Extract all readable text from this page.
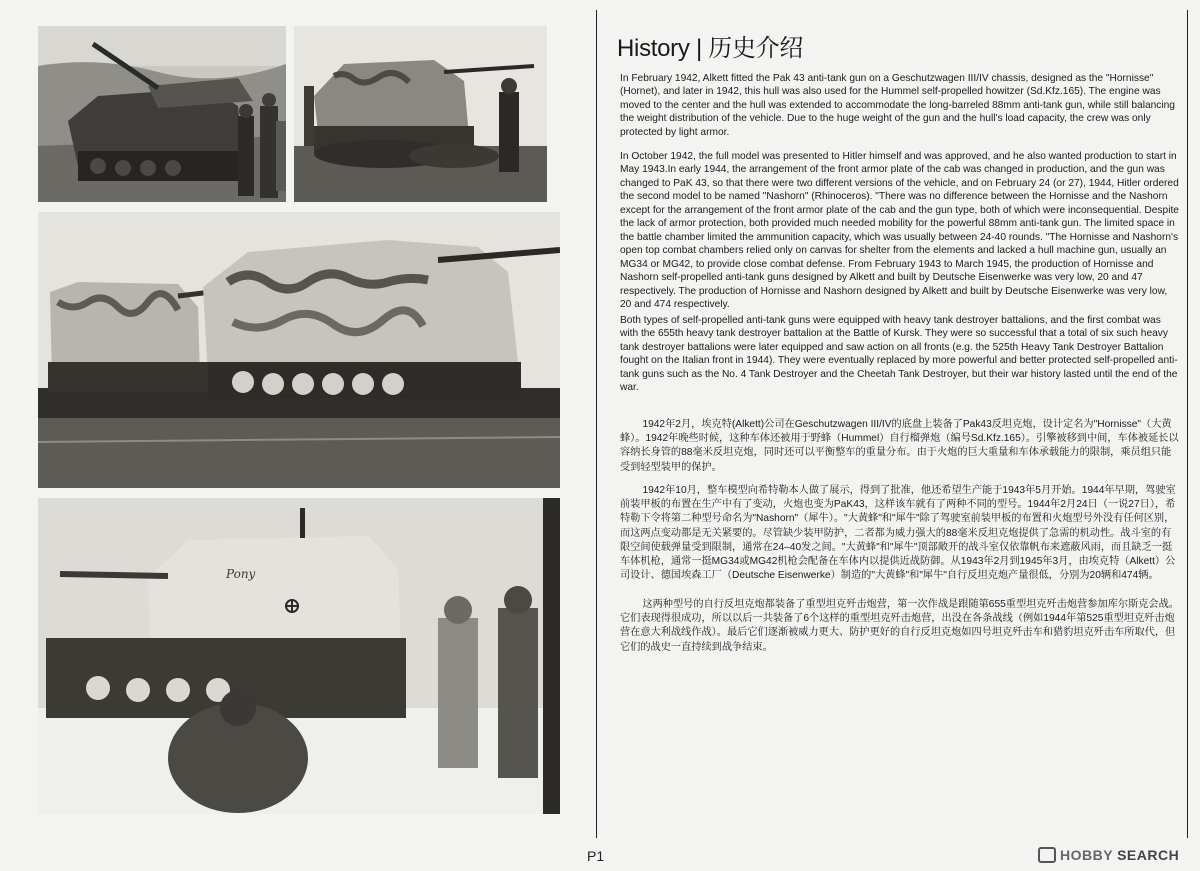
Pony
History | 历史介绍
In February 1942, Alkett fitted the Pak 43 anti-tank gun on a Geschutzwagen III/IV chassis, designed as the "Hornisse" (Hornet), and later in 1942, this hull was also used for the Hummel self-propelled howitzer (Sd.Kfz.165). The engine was moved to the center and the hull was extended to accommodate the long-barreled 88mm anti-tank gun, while still balancing the weight distribution of the vehicle. Due to the huge weight of the gun and the hull's load capacity, the crew was only protected by light armor.
In October 1942, the full model was presented to Hitler himself and was approved, and he also wanted production to start in May 1943.In early 1944, the arrangement of the front armor plate of the cab was changed in production, and the gun was changed to PaK 43, so that there were two different versions of the vehicle, and on February 24 (or 27), 1944, Hitler ordered the second model to be named "Nashorn" (Rhinoceros). "There was no difference between the Hornisse and the Nashorn except for the arrangement of the front armor plate of the cab and the gun type, both of which were inconsequential. Despite the lack of armor protection, both provided much needed mobility for the powerful 88mm anti-tank gun. The limited space in the battle chamber limited the ammunition capacity, which was usually between 24-40 rounds. "The Hornisse and Nashorn's open top combat chambers relied only on canvas for shelter from the elements and lacked a hull machine gun, usually an MG34 or MG42, to provide close combat defense. From February 1943 to March 1945, the production of Hornisse and Nashorn self-propelled anti-tank guns designed by Alkett and built by Deutsche Eisenwerke was very low, 20 and 47 respectively. The production of Hornisse and Nashorn designed by Alkett and built by Deutsche Eisenwerke was very low, 20 and 474 respectively.
Both types of self-propelled anti-tank guns were equipped with heavy tank destroyer battalions, and the first combat was with the 655th heavy tank destroyer battalion at the Battle of Kursk. They were so successful that a total of six such heavy tank destroyer battalions were later equipped and saw action on all fronts (e.g. the 525th Heavy Tank Destroyer Battalion fought on the Italian front in 1944). They were eventually replaced by more powerful and better protected self-propelled anti-tank guns such as the No. 4 Tank Destroyer and the Cheetah Tank Destroyer, but their war history lasted until the end of the war.
1942年2月，埃克特(Alkett)公司在Geschutzwagen III/IV的底盘上装备了Pak43反坦克炮，设计定名为"Hornisse"（大黄蜂）。1942年晚些时候，这种车体还被用于野蜂（Hummel）自行榴弹炮（编号Sd.Kfz.165）。引擎被移到中间，车体被延长以容纳长身管的88毫米反坦克炮，同时还可以平衡整车的重量分布。由于火炮的巨大重量和车体承载能力的限制，乘员组只能受到轻型装甲的保护。
1942年10月，整车模型向希特勒本人做了展示，得到了批准，他还希望生产能于1943年5月开始。1944年早期，驾驶室前装甲板的布置在生产中有了变动，火炮也变为PaK43，这样该车就有了两种不同的型号。1944年2月24日（一说27日），希特勒下令将第二种型号命名为"Nashorn"（犀牛）。"大黄蜂"和"犀牛"除了驾驶室前装甲板的布置和火炮型号外没有任何区别，而这两点变动都是无关紧要的。尽管缺少装甲防护，二者都为威力强大的88毫米反坦克炮提供了急需的机动性。战斗室的有限空间使载弹量受到限制，通常在24–40发之间。"大黄蜂"和"犀牛"顶部敞开的战斗室仅依靠帆布来遮蔽风雨，而且缺乏一挺车体机枪，通常一挺MG34或MG42机枪会配备在车体内以提供近战防御。从1943年2月到1945年3月，由埃克特（Alkett）公司设计、德国埃森工厂（Deutsche Eisenwerke）制造的"大黄蜂"和"犀牛"自行反坦克炮产量很低，分别为20辆和474辆。
这两种型号的自行反坦克炮都装备了重型坦克歼击炮营，第一次作战是跟随第655重型坦克歼击炮营参加库尔斯克会战。它们表现得很成功，所以以后一共装备了6个这样的重型坦克歼击炮营，出没在各条战线（例如1944年第525重型坦克歼击炮营在意大利战线作战）。最后它们逐渐被威力更大、防护更好的自行反坦克炮如四号坦克歼击车和猎豹坦克歼击车所取代，但它们的战史一直持续到战争结束。
P1	HOBBY SEARCH
